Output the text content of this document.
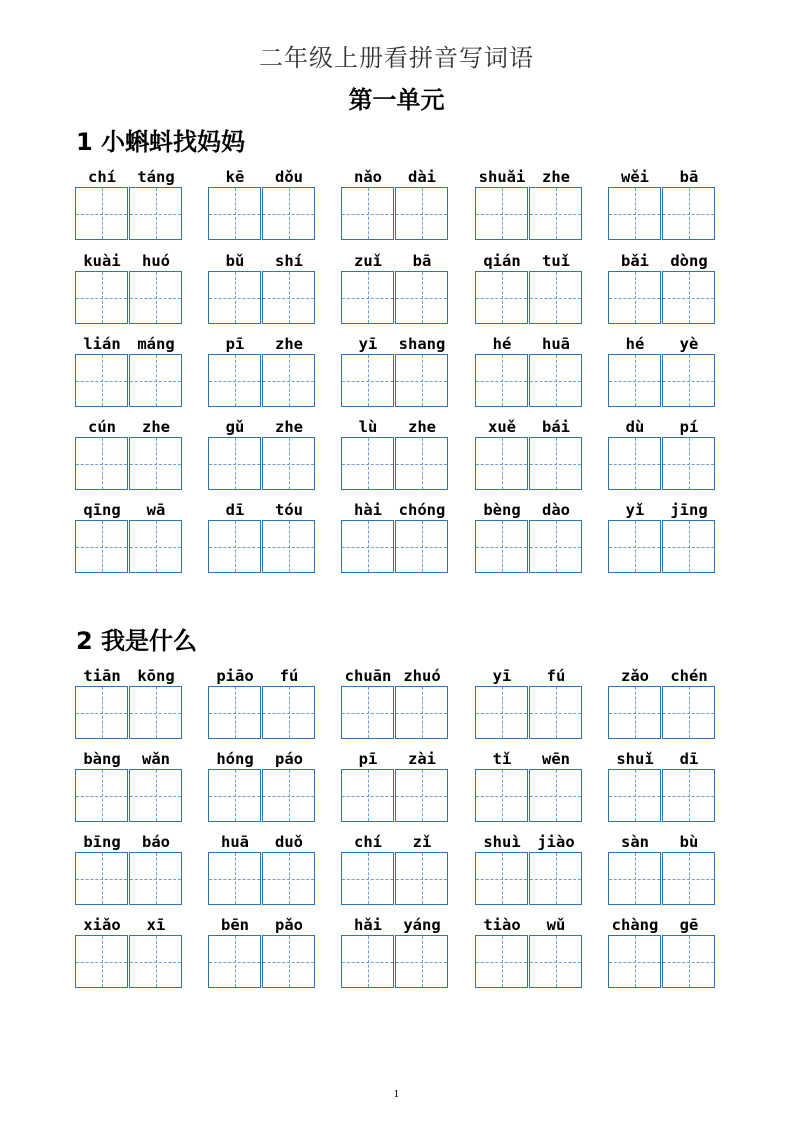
二年级上册看拼音写词语
第一单元
1 小蝌蚪找妈妈
chí	táng	kē	dǒu	nǎo	dài	shuǎi	zhe	wěi	bā
kuài	huó	bǔ	shí	zuǐ	bā	qián	tuǐ	bǎi	dòng
lián	máng	pī	zhe	yī	shang	hé	huā	hé	yè
cún	zhe	gǔ	zhe	lù	zhe	xuě	bái	dù	pí
qīng	wā	dī	tóu	hài	chóng	bèng	dào	yǐ	jīng
2 我是什么
tiān	kōng	piāo	fú	chuān zhuó	yī	fú	zǎo	chén
bàng	wǎn	hóng	páo	pī	zài	tǐ	wēn	shuǐ	dī
bīng	báo	huā	duǒ	chí	zǐ	shuì	jiào	sàn	bù
xiǎo	xī	bēn	pǎo	hǎi	yáng	tiào	wǔ	chàng	gē
1
